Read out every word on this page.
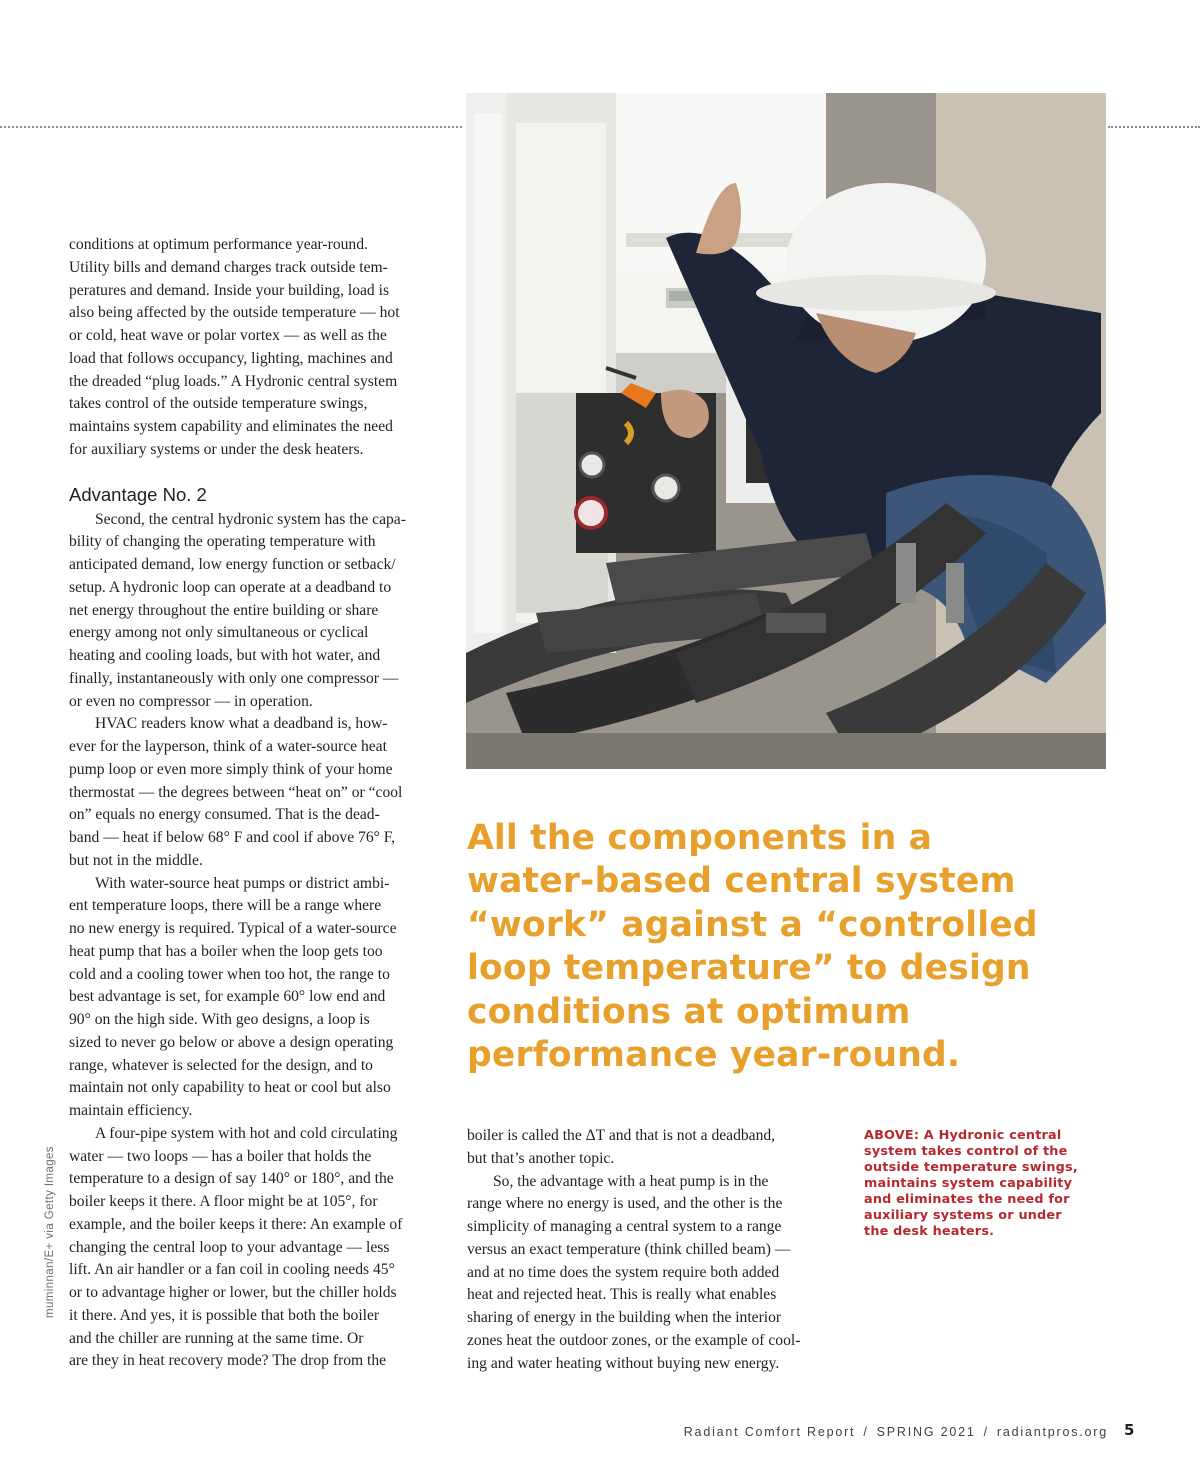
muminnan/E+ via Getty Images

conditions at optimum performance year-round.
Utility bills and demand charges track outside tem-
peratures and demand. Inside your building, load is
also being affected by the outside temperature — hot
or cold, heat wave or polar vortex — as well as the
load that follows occupancy, lighting, machines and
the dreaded “plug loads.” A Hydronic central system
takes control of the outside temperature swings,
maintains system capability and eliminates the need
for auxiliary systems or under the desk heaters.

Advantage No. 2

Second, the central hydronic system has the capa-
bility of changing the operating temperature with
anticipated demand, low energy function or setback/
setup. A hydronic loop can operate at a deadband to
net energy throughout the entire building or share
energy among not only simultaneous or cyclical
heating and cooling loads, but with hot water, and
finally, instantaneously with only one compressor —
or even no compressor — in operation.

HVAC readers know what a deadband is, how-
ever for the layperson, think of a water-source heat
pump loop or even more simply think of your home
thermostat — the degrees between “heat on” or “cool
on” equals no energy consumed. That is the dead-
band — heat if below 68° F and cool if above 76° F,
but not in the middle.

With water-source heat pumps or district ambi-
ent temperature loops, there will be a range where
no new energy is required. Typical of a water-source
heat pump that has a boiler when the loop gets too
cold and a cooling tower when too hot, the range to
best advantage is set, for example 60° low end and
90° on the high side. With geo designs, a loop is
sized to never go below or above a design operating
range, whatever is selected for the design, and to
maintain not only capability to heat or cool but also
maintain efficiency.

A four-pipe system with hot and cold circulating
water — two loops — has a boiler that holds the
temperature to a design of say 140° or 180°, and the
boiler keeps it there. A floor might be at 105°, for
example, and the boiler keeps it there: An example of
changing the central loop to your advantage — less
lift. An air handler or a fan coil in cooling needs 45°
or to advantage higher or lower, but the chiller holds
it there. And yes, it is possible that both the boiler
and the chiller are running at the same time. Or
are they in heat recovery mode? The drop from the

All the components in a
water-based central system
“work” against a “controlled
loop temperature” to design
conditions at optimum
performance year-round.

boiler is called the ΔT and that is not a deadband,
but that’s another topic.

So, the advantage with a heat pump is in the
range where no energy is used, and the other is the
simplicity of managing a central system to a range
versus an exact temperature (think chilled beam) —
and at no time does the system require both added
heat and rejected heat. This is really what enables
sharing of energy in the building when the interior
zones heat the outdoor zones, or the example of cool-
ing and water heating without buying new energy.

ABOVE: A Hydronic central
system takes control of the
outside temperature swings,
maintains system capability
and eliminates the need for
auxiliary systems or under
the desk heaters.
Radiant Comfort Report / SPRING 2021 / radiantpros.org 5
